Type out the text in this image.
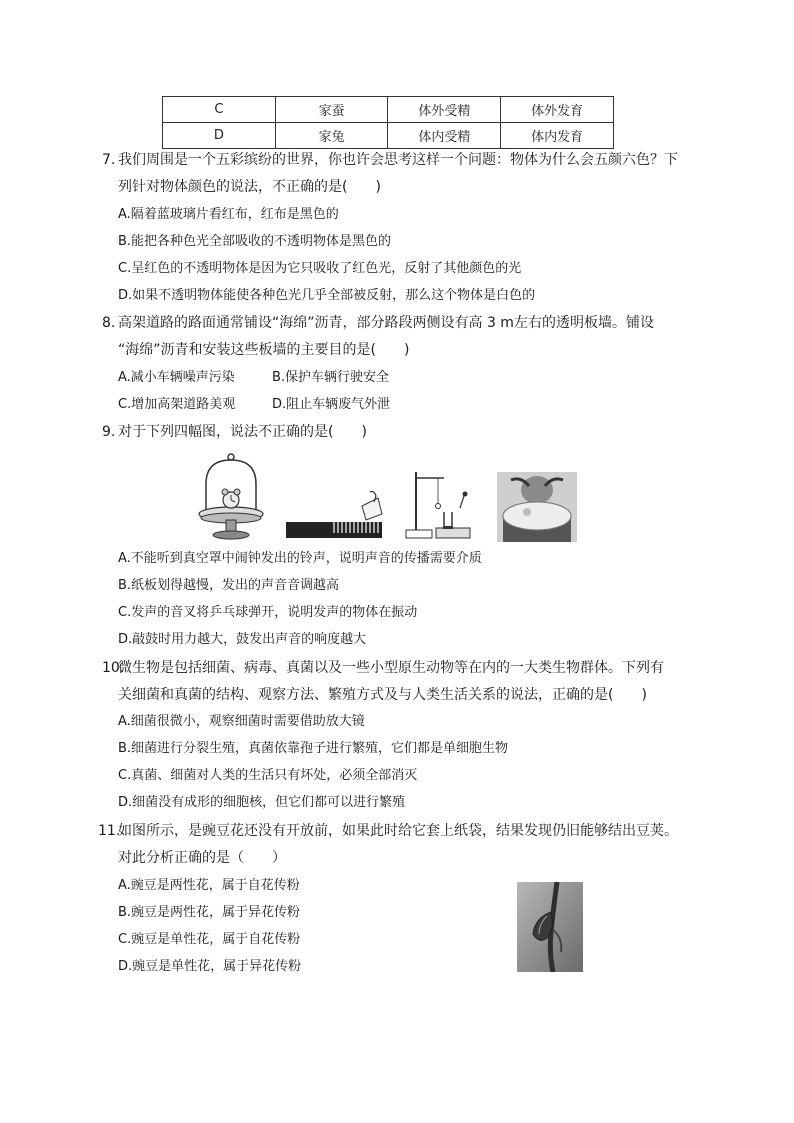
C	家蚕	体外受精	体外发育
D	家兔	体内受精	体内发育
7. 我们周围是一个五彩缤纷的世界，你也许会思考这样一个问题：物体为什么会五颜六色？下
列针对物体颜色的说法，不正确的是(　　)
A.隔着蓝玻璃片看红布，红布是黑色的
B.能把各种色光全部吸收的不透明物体是黑色的
C.呈红色的不透明物体是因为它只吸收了红色光，反射了其他颜色的光
D.如果不透明物体能使各种色光几乎全部被反射，那么这个物体是白色的
8. 高架道路的路面通常铺设“海绵”沥青，部分路段两侧设有高 3 m左右的透明板墙。铺设
“海绵”沥青和安装这些板墙的主要目的是(　　)
A.减小车辆噪声污染	B.保护车辆行驶安全
C.增加高架道路美观	D.阻止车辆废气外泄
9. 对于下列四幅图，说法不正确的是(　　)
A.不能听到真空罩中闹钟发出的铃声，说明声音的传播需要介质
B.纸板划得越慢，发出的声音音调越高
C.发声的音叉将乒乓球弹开，说明发声的物体在振动
D.敲鼓时用力越大，鼓发出声音的响度越大
10.
微生物是包括细菌、病毒、真菌以及一些小型原生动物等在内的一大类生物群体。下列有
关细菌和真菌的结构、观察方法、繁殖方式及与人类生活关系的说法，正确的是(　　)
A.细菌很微小，观察细菌时需要借助放大镜
B.细菌进行分裂生殖，真菌依靠孢子进行繁殖，它们都是单细胞生物
C.真菌、细菌对人类的生活只有坏处，必须全部消灭
D.细菌没有成形的细胞核，但它们都可以进行繁殖
11.
如图所示，是豌豆花还没有开放前，如果此时给它套上纸袋，结果发现仍旧能够结出豆荚。
对此分析正确的是（　　）
A.豌豆是两性花，属于自花传粉
B.豌豆是两性花，属于异花传粉
C.豌豆是单性花，属于自花传粉
D.豌豆是单性花，属于异花传粉
